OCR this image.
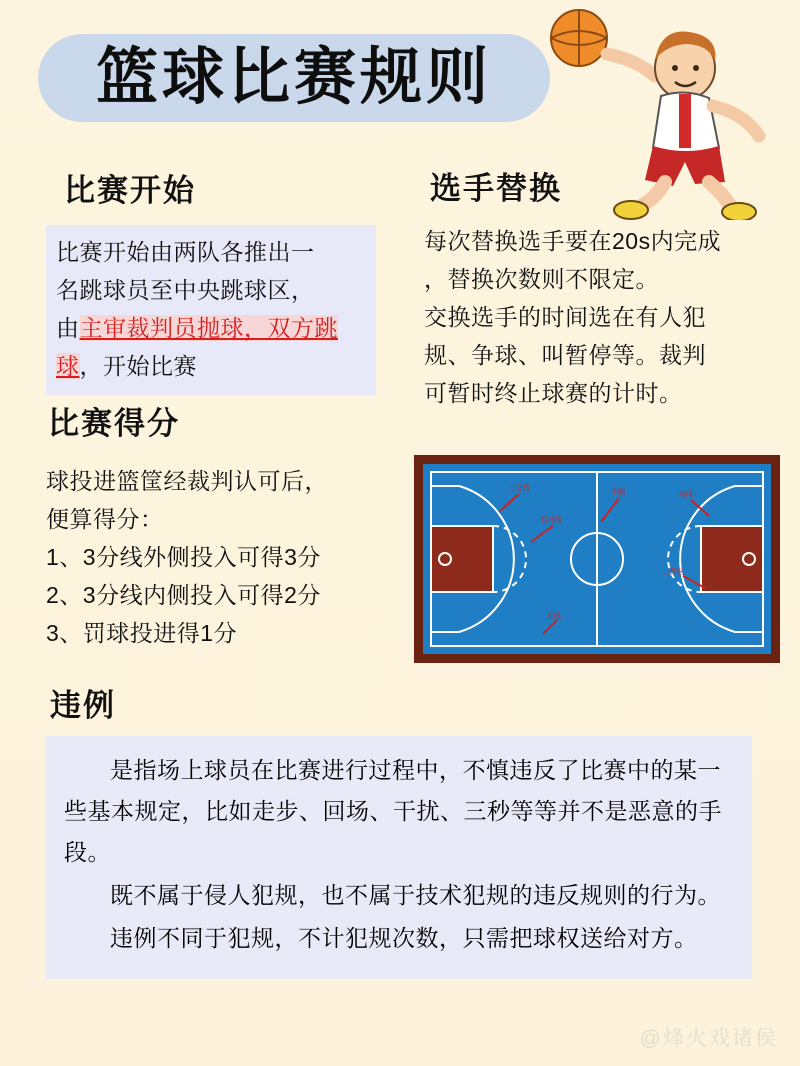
篮球比赛规则
比赛开始
比赛开始由两队各推出一
名跳球员至中央跳球区，
由主审裁判员抛球，双方跳
球，开始比赛
选手替换
每次替换选手要在20s内完成
，替换次数则不限定。
交换选手的时间选在有人犯
规、争球、叫暂停等。裁判
可暂时终止球赛的计时。
比赛得分
球投进篮筐经裁判认可后，
便算得分：
1、3分线外侧投入可得3分
2、3分线内侧投入可得2分
3、罚球投进得1分
三分线
罚球线
中圈	边线
三秒区
底线
违例

是指场上球员在比赛进行过程中，不慎违反了比赛中的某一些基本规定，比如走步、回场、干扰、三秒等等并不是恶意的手段。

既不属于侵人犯规，也不属于技术犯规的违反规则的行为。

违例不同于犯规，不计犯规次数，只需把球权送给对方。

@烽火戏诸侯
